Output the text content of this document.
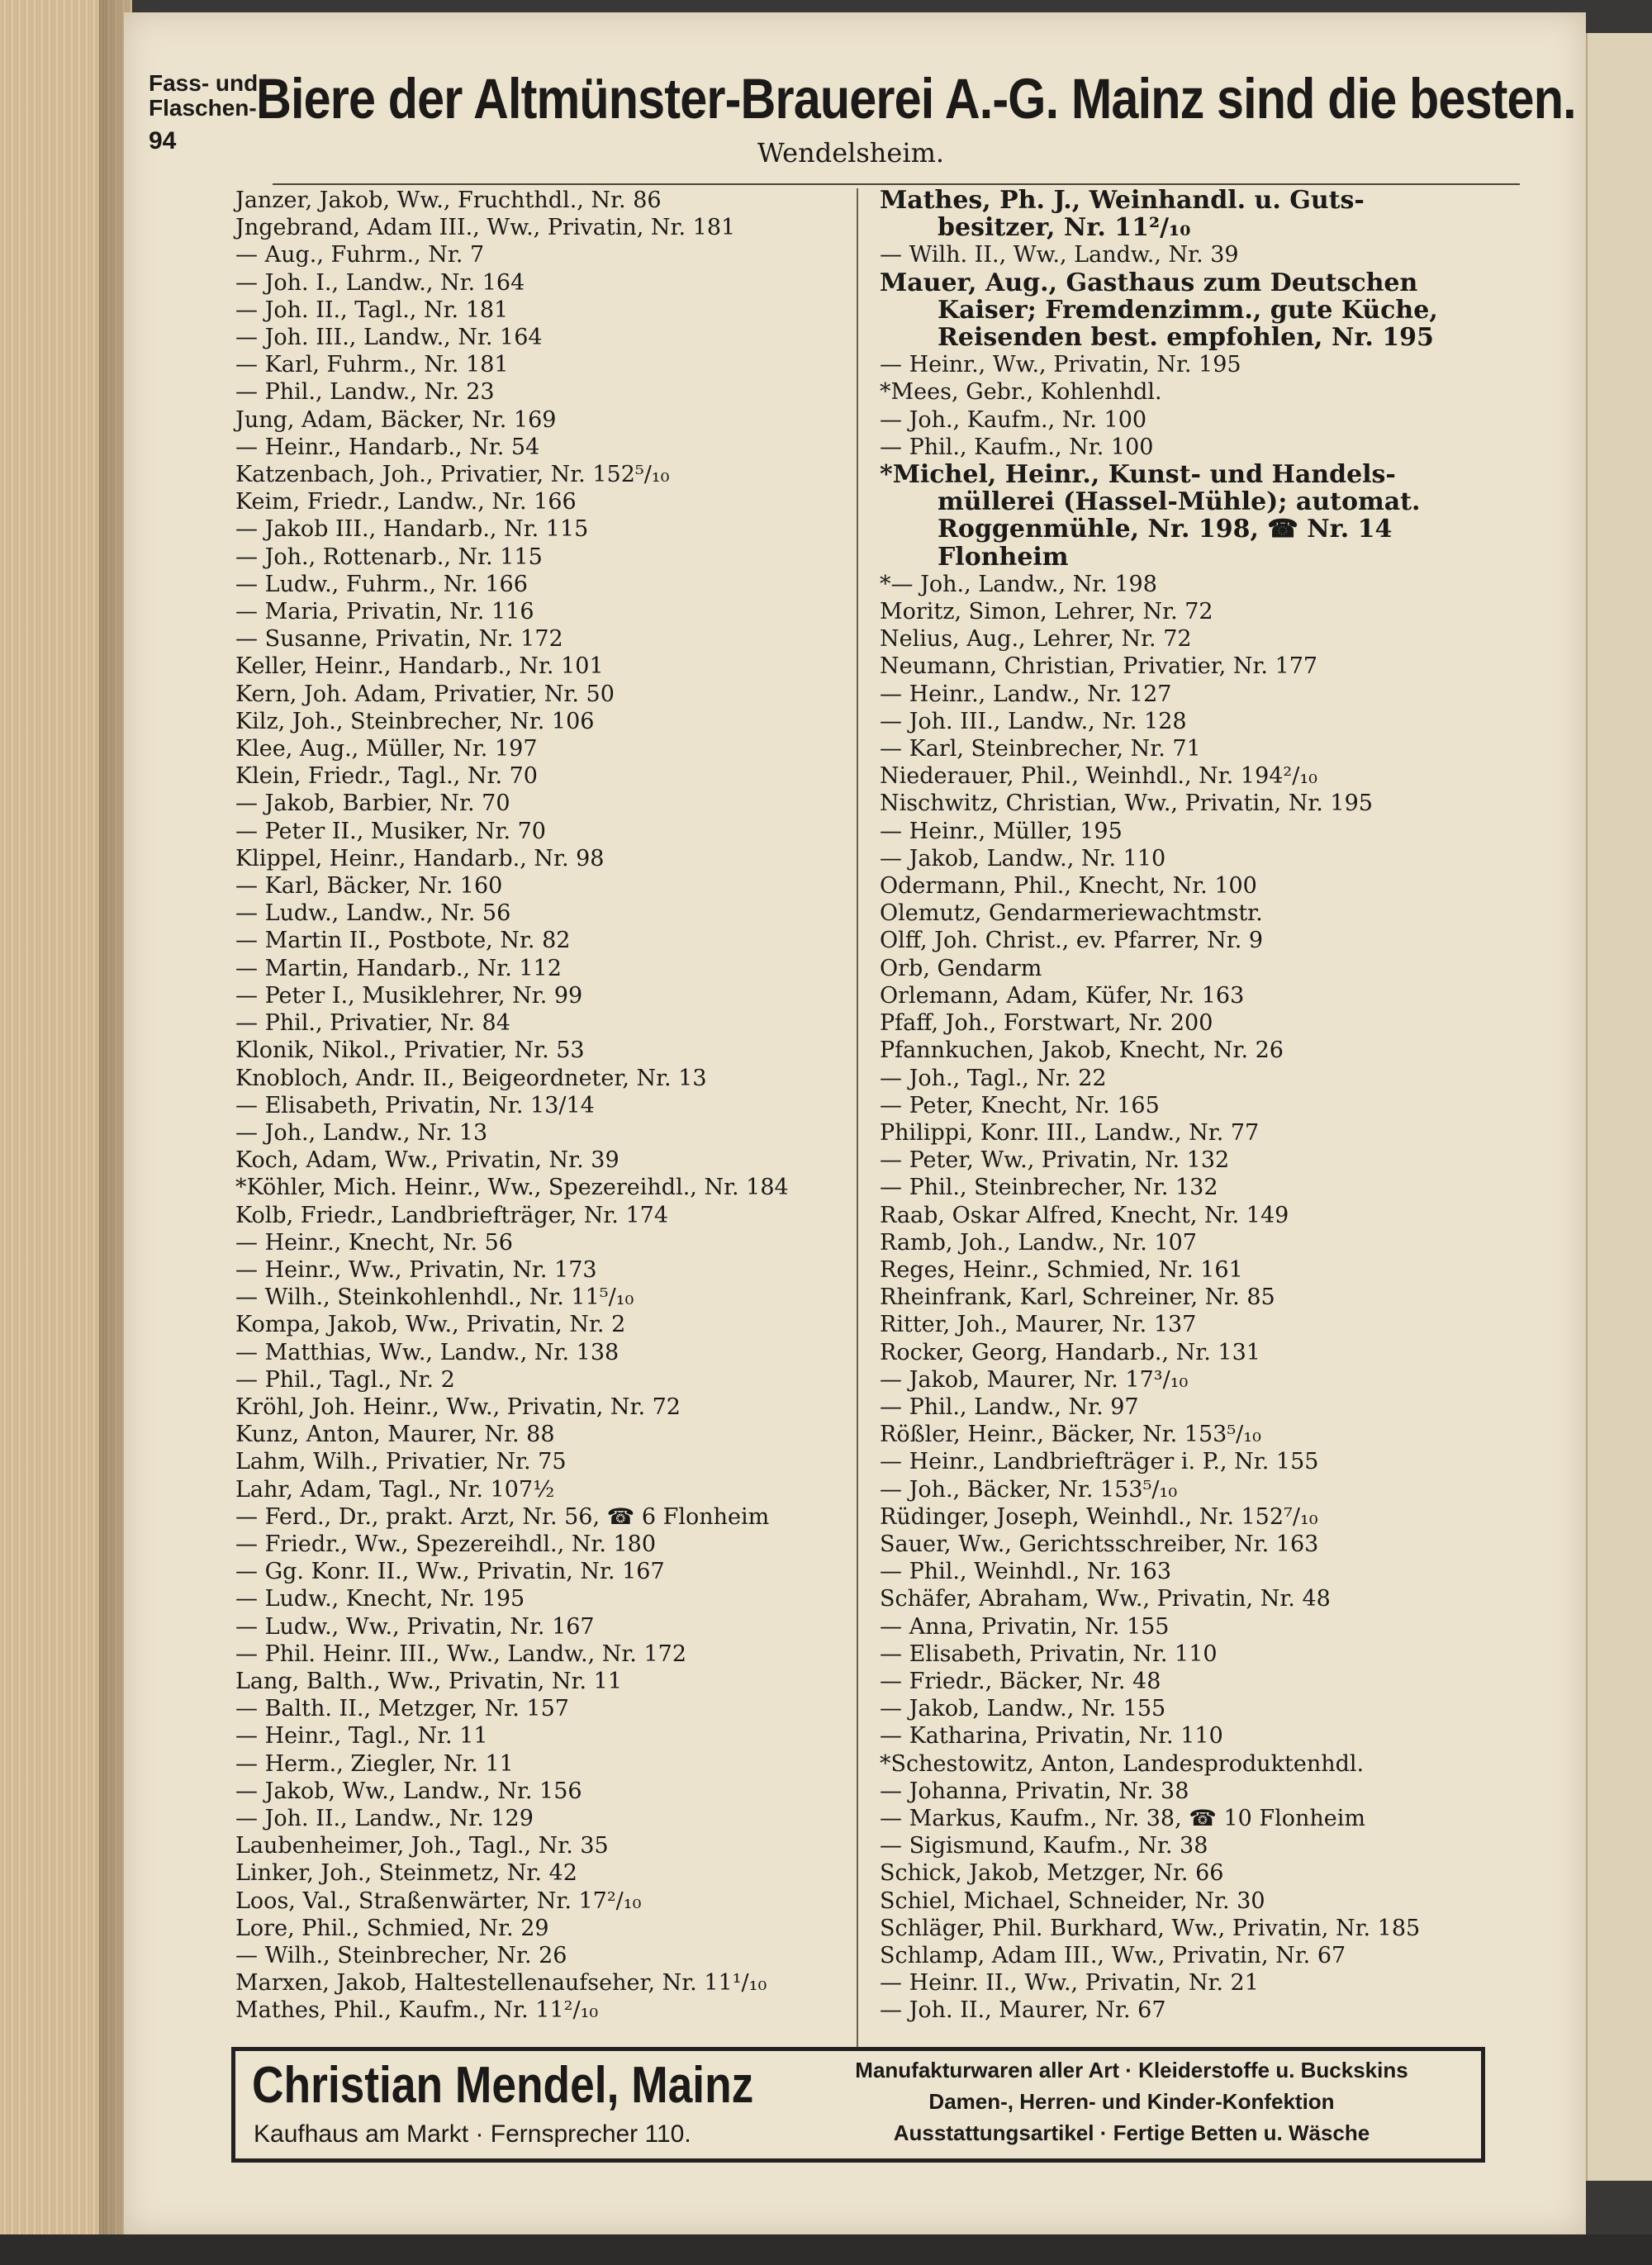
Fass- und
Flaschen-
94
Biere der Altmünster-Brauerei A.-G. Mainz sind die besten.
Wendelsheim.
Janzer, Jakob, Ww., Fruchthdl., Nr. 86
Jngebrand, Adam III., Ww., Privatin, Nr. 181
— Aug., Fuhrm., Nr. 7
— Joh. I., Landw., Nr. 164
— Joh. II., Tagl., Nr. 181
— Joh. III., Landw., Nr. 164
— Karl, Fuhrm., Nr. 181
— Phil., Landw., Nr. 23
Jung, Adam, Bäcker, Nr. 169
— Heinr., Handarb., Nr. 54
Katzenbach, Joh., Privatier, Nr. 152⁵/₁₀
Keim, Friedr., Landw., Nr. 166
— Jakob III., Handarb., Nr. 115
— Joh., Rottenarb., Nr. 115
— Ludw., Fuhrm., Nr. 166
— Maria, Privatin, Nr. 116
— Susanne, Privatin, Nr. 172
Keller, Heinr., Handarb., Nr. 101
Kern, Joh. Adam, Privatier, Nr. 50
Kilz, Joh., Steinbrecher, Nr. 106
Klee, Aug., Müller, Nr. 197
Klein, Friedr., Tagl., Nr. 70
— Jakob, Barbier, Nr. 70
— Peter II., Musiker, Nr. 70
Klippel, Heinr., Handarb., Nr. 98
— Karl, Bäcker, Nr. 160
— Ludw., Landw., Nr. 56
— Martin II., Postbote, Nr. 82
— Martin, Handarb., Nr. 112
— Peter I., Musiklehrer, Nr. 99
— Phil., Privatier, Nr. 84
Klonik, Nikol., Privatier, Nr. 53
Knobloch, Andr. II., Beigeordneter, Nr. 13
— Elisabeth, Privatin, Nr. 13/14
— Joh., Landw., Nr. 13
Koch, Adam, Ww., Privatin, Nr. 39
*Köhler, Mich. Heinr., Ww., Spezereihdl., Nr. 184
Kolb, Friedr., Landbriefträger, Nr. 174
— Heinr., Knecht, Nr. 56
— Heinr., Ww., Privatin, Nr. 173
— Wilh., Steinkohlenhdl., Nr. 11⁵/₁₀
Kompa, Jakob, Ww., Privatin, Nr. 2
— Matthias, Ww., Landw., Nr. 138
— Phil., Tagl., Nr. 2
Kröhl, Joh. Heinr., Ww., Privatin, Nr. 72
Kunz, Anton, Maurer, Nr. 88
Lahm, Wilh., Privatier, Nr. 75
Lahr, Adam, Tagl., Nr. 107½
— Ferd., Dr., prakt. Arzt, Nr. 56, ☎ 6 Flonheim
— Friedr., Ww., Spezereihdl., Nr. 180
— Gg. Konr. II., Ww., Privatin, Nr. 167
— Ludw., Knecht, Nr. 195
— Ludw., Ww., Privatin, Nr. 167
— Phil. Heinr. III., Ww., Landw., Nr. 172
Lang, Balth., Ww., Privatin, Nr. 11
— Balth. II., Metzger, Nr. 157
— Heinr., Tagl., Nr. 11
— Herm., Ziegler, Nr. 11
— Jakob, Ww., Landw., Nr. 156
— Joh. II., Landw., Nr. 129
Laubenheimer, Joh., Tagl., Nr. 35
Linker, Joh., Steinmetz, Nr. 42
Loos, Val., Straßenwärter, Nr. 17²/₁₀
Lore, Phil., Schmied, Nr. 29
— Wilh., Steinbrecher, Nr. 26
Marxen, Jakob, Haltestellenaufseher, Nr. 11¹/₁₀
Mathes, Phil., Kaufm., Nr. 11²/₁₀
Mathes, Ph. J., Weinhandl. u. Guts-
besitzer, Nr. 11²/₁₀
— Wilh. II., Ww., Landw., Nr. 39
Mauer, Aug., Gasthaus zum Deutschen
Kaiser; Fremdenzimm., gute Küche,
Reisenden best. empfohlen, Nr. 195
— Heinr., Ww., Privatin, Nr. 195
*Mees, Gebr., Kohlenhdl.
— Joh., Kaufm., Nr. 100
— Phil., Kaufm., Nr. 100
*Michel, Heinr., Kunst- und Handels-
müllerei (Hassel-Mühle); automat.
Roggenmühle, Nr. 198, ☎ Nr. 14
Flonheim
*— Joh., Landw., Nr. 198
Moritz, Simon, Lehrer, Nr. 72
Nelius, Aug., Lehrer, Nr. 72
Neumann, Christian, Privatier, Nr. 177
— Heinr., Landw., Nr. 127
— Joh. III., Landw., Nr. 128
— Karl, Steinbrecher, Nr. 71
Niederauer, Phil., Weinhdl., Nr. 194²/₁₀
Nischwitz, Christian, Ww., Privatin, Nr. 195
— Heinr., Müller, 195
— Jakob, Landw., Nr. 110
Odermann, Phil., Knecht, Nr. 100
Olemutz, Gendarmeriewachtmstr.
Olff, Joh. Christ., ev. Pfarrer, Nr. 9
Orb, Gendarm
Orlemann, Adam, Küfer, Nr. 163
Pfaff, Joh., Forstwart, Nr. 200
Pfannkuchen, Jakob, Knecht, Nr. 26
— Joh., Tagl., Nr. 22
— Peter, Knecht, Nr. 165
Philippi, Konr. III., Landw., Nr. 77
— Peter, Ww., Privatin, Nr. 132
— Phil., Steinbrecher, Nr. 132
Raab, Oskar Alfred, Knecht, Nr. 149
Ramb, Joh., Landw., Nr. 107
Reges, Heinr., Schmied, Nr. 161
Rheinfrank, Karl, Schreiner, Nr. 85
Ritter, Joh., Maurer, Nr. 137
Rocker, Georg, Handarb., Nr. 131
— Jakob, Maurer, Nr. 17³/₁₀
— Phil., Landw., Nr. 97
Rößler, Heinr., Bäcker, Nr. 153⁵/₁₀
— Heinr., Landbriefträger i. P., Nr. 155
— Joh., Bäcker, Nr. 153⁵/₁₀
Rüdinger, Joseph, Weinhdl., Nr. 152⁷/₁₀
Sauer, Ww., Gerichtsschreiber, Nr. 163
— Phil., Weinhdl., Nr. 163
Schäfer, Abraham, Ww., Privatin, Nr. 48
— Anna, Privatin, Nr. 155
— Elisabeth, Privatin, Nr. 110
— Friedr., Bäcker, Nr. 48
— Jakob, Landw., Nr. 155
— Katharina, Privatin, Nr. 110
*Schestowitz, Anton, Landesproduktenhdl.
— Johanna, Privatin, Nr. 38
— Markus, Kaufm., Nr. 38, ☎ 10 Flonheim
— Sigismund, Kaufm., Nr. 38
Schick, Jakob, Metzger, Nr. 66
Schiel, Michael, Schneider, Nr. 30
Schläger, Phil. Burkhard, Ww., Privatin, Nr. 185
Schlamp, Adam III., Ww., Privatin, Nr. 67
— Heinr. II., Ww., Privatin, Nr. 21
— Joh. II., Maurer, Nr. 67
Christian Mendel, Mainz
Kaufhaus am Markt · Fernsprecher 110.
Manufakturwaren aller Art · Kleiderstoffe u. Buckskins
Damen-, Herren- und Kinder-Konfektion
Ausstattungsartikel · Fertige Betten u. Wäsche
